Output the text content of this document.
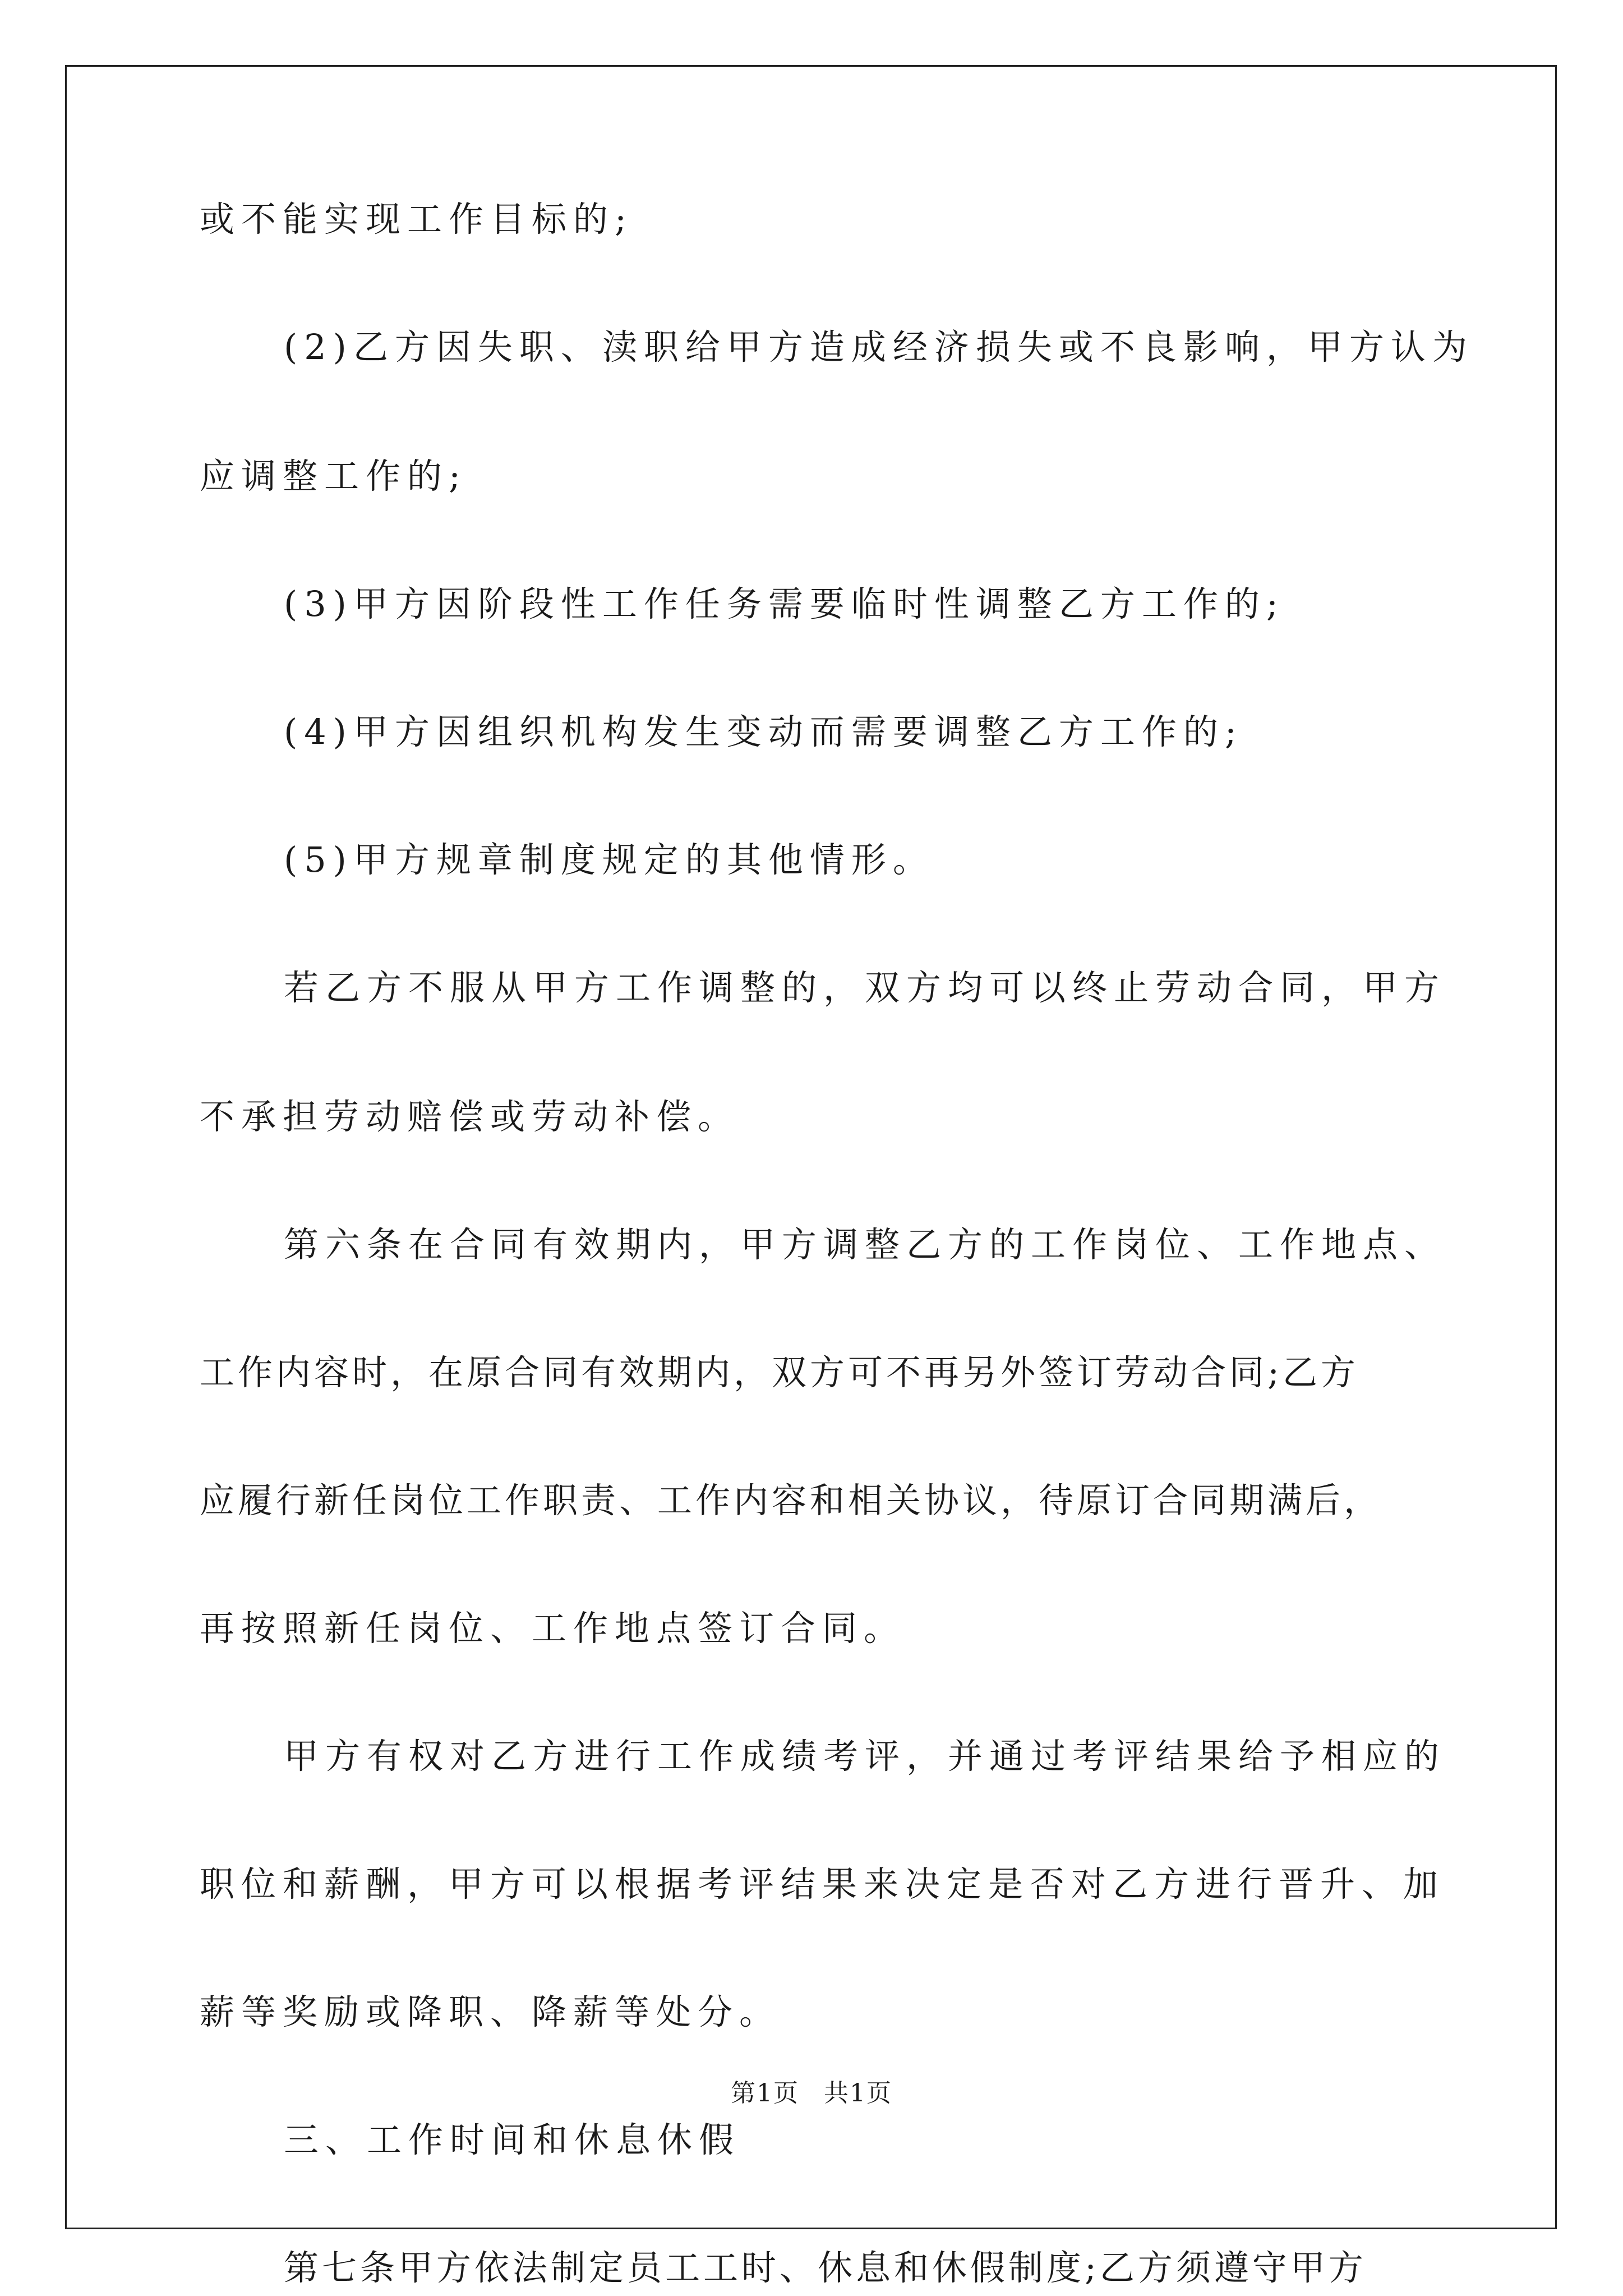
或不能实现工作目标的;
(2)乙方因失职、渎职给甲方造成经济损失或不良影响，甲方认为
应调整工作的;
(3)甲方因阶段性工作任务需要临时性调整乙方工作的;
(4)甲方因组织机构发生变动而需要调整乙方工作的;
(5)甲方规章制度规定的其他情形。
若乙方不服从甲方工作调整的，双方均可以终止劳动合同，甲方
不承担劳动赔偿或劳动补偿。
第六条在合同有效期内，甲方调整乙方的工作岗位、工作地点、
工作内容时，在原合同有效期内，双方可不再另外签订劳动合同;乙方
应履行新任岗位工作职责、工作内容和相关协议，待原订合同期满后，
再按照新任岗位、工作地点签订合同。
甲方有权对乙方进行工作成绩考评，并通过考评结果给予相应的
职位和薪酬，甲方可以根据考评结果来决定是否对乙方进行晋升、加
薪等奖励或降职、降薪等处分。
三、工作时间和休息休假
第七条甲方依法制定员工工时、休息和休假制度;乙方须遵守甲方
第1页 共1页
